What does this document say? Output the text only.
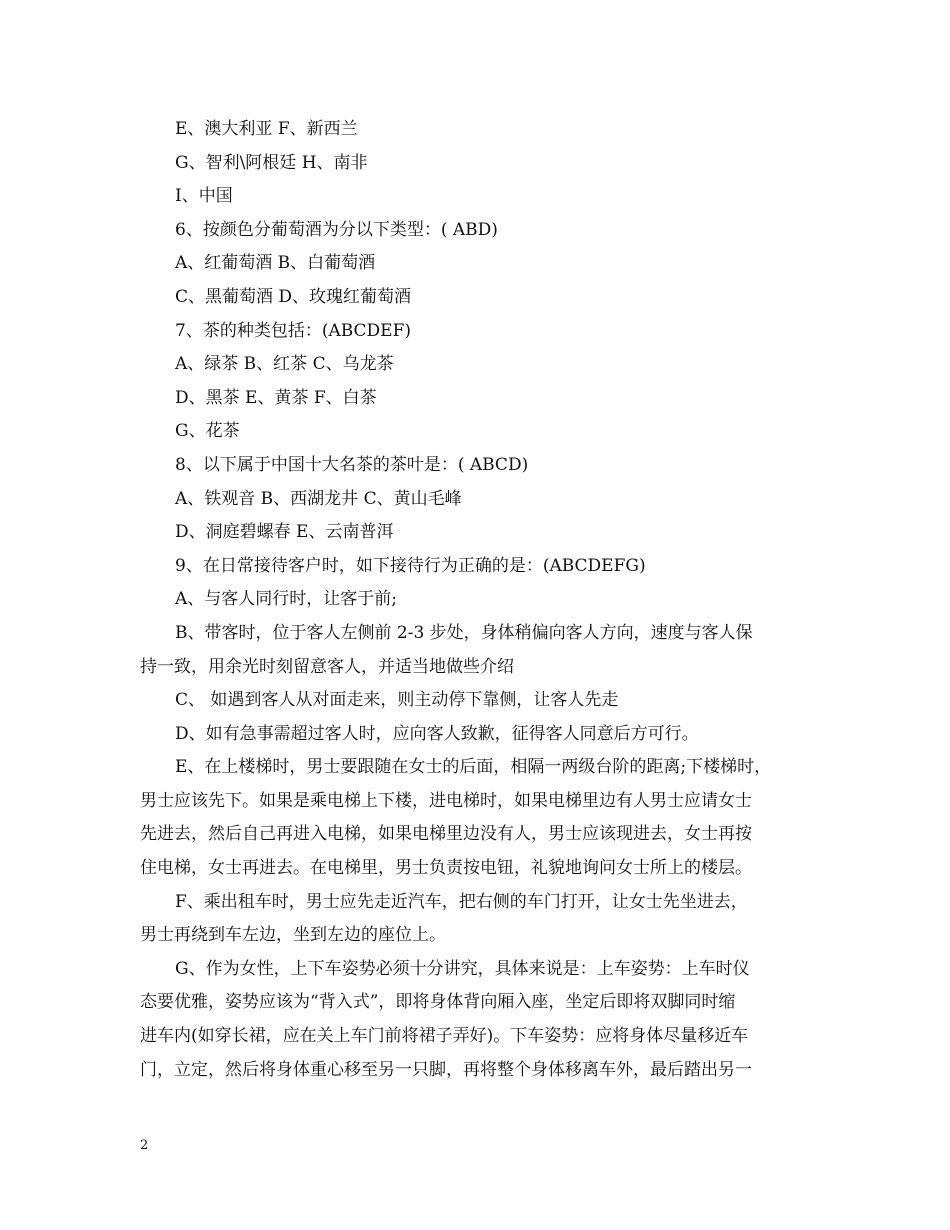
E、澳大利亚 F、新西兰

G、智利\阿根廷 H、南非

I、中国

6、按颜色分葡萄酒为分以下类型：( ABD)

A、红葡萄酒 B、白葡萄酒

C、黑葡萄酒 D、玫瑰红葡萄酒

7、茶的种类包括：(ABCDEF)

A、绿茶 B、红茶 C、乌龙茶

D、黑茶 E、黄茶 F、白茶

G、花茶

8、以下属于中国十大名茶的茶叶是：( ABCD)

A、铁观音 B、西湖龙井 C、黄山毛峰

D、洞庭碧螺春 E、云南普洱

9、在日常接待客户时，如下接待行为正确的是：(ABCDEFG)

A、与客人同行时，让客于前;

B、带客时，位于客人左侧前 2-3 步处，身体稍偏向客人方向，速度与客人保

持一致，用余光时刻留意客人，并适当地做些介绍

C、 如遇到客人从对面走来，则主动停下靠侧，让客人先走

D、如有急事需超过客人时，应向客人致歉，征得客人同意后方可行。

E、在上楼梯时，男士要跟随在女士的后面，相隔一两级台阶的距离;下楼梯时，

男士应该先下。如果是乘电梯上下楼，进电梯时，如果电梯里边有人男士应请女士

先进去，然后自己再进入电梯，如果电梯里边没有人，男士应该现进去，女士再按

住电梯，女士再进去。在电梯里，男士负责按电钮，礼貌地询问女士所上的楼层。

F、乘出租车时，男士应先走近汽车，把右侧的车门打开，让女士先坐进去，

男士再绕到车左边，坐到左边的座位上。

G、作为女性，上下车姿势必须十分讲究，具体来说是：上车姿势：上车时仪

态要优雅，姿势应该为“背入式”，即将身体背向厢入座，坐定后即将双脚同时缩

进车内(如穿长裙，应在关上车门前将裙子弄好)。下车姿势：应将身体尽量移近车

门，立定，然后将身体重心移至另一只脚，再将整个身体移离车外，最后踏出另一

2
